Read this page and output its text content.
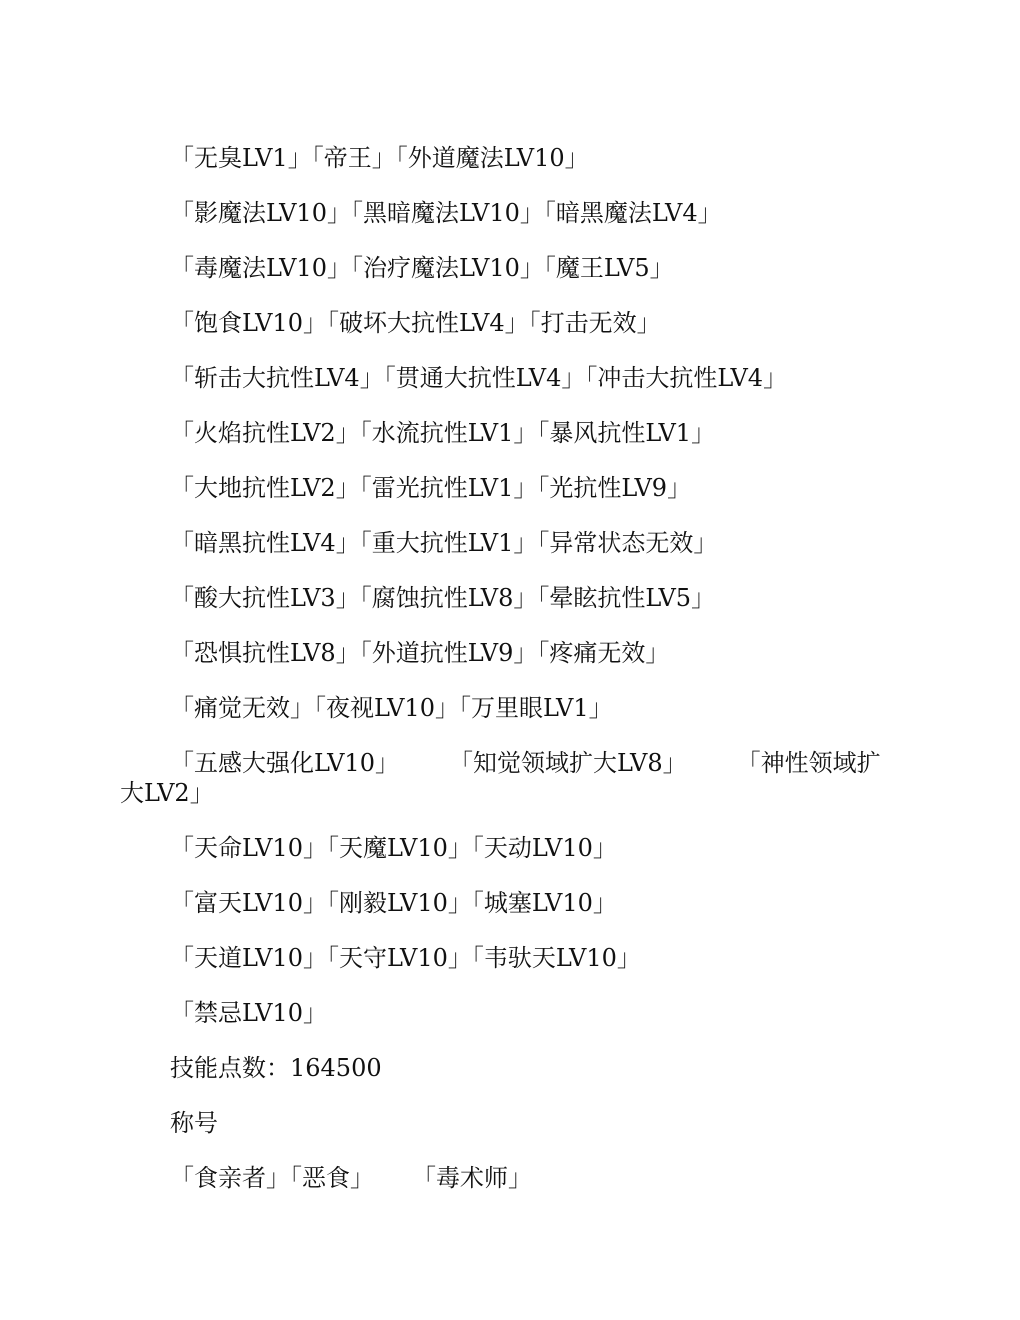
「无臭LV1」「帝王」「外道魔法LV10」

「影魔法LV10」「黑暗魔法LV10」「暗黑魔法LV4」

「毒魔法LV10」「治疗魔法LV10」「魔王LV5」

「饱食LV10」「破坏大抗性LV4」「打击无效」

「斩击大抗性LV4」「贯通大抗性LV4」「冲击大抗性LV4」

「火焰抗性LV2」「水流抗性LV1」「暴风抗性LV1」

「大地抗性LV2」「雷光抗性LV1」「光抗性LV9」

「暗黑抗性LV4」「重大抗性LV1」「异常状态无效」

「酸大抗性LV3」「腐蚀抗性LV8」「晕眩抗性LV5」

「恐惧抗性LV8」「外道抗性LV9」「疼痛无效」

「痛觉无效」「夜视LV10」「万里眼LV1」

「五感大强化LV10」 「知觉领域扩大LV8」 「神性领域扩大LV2」

「天命LV10」「天魔LV10」「天动LV10」

「富天LV10」「刚毅LV10」「城塞LV10」

「天道LV10」「天守LV10」「韦驮天LV10」

「禁忌LV10」

技能点数：164500

称号

「食亲者」「恶食」 「毒术师」
